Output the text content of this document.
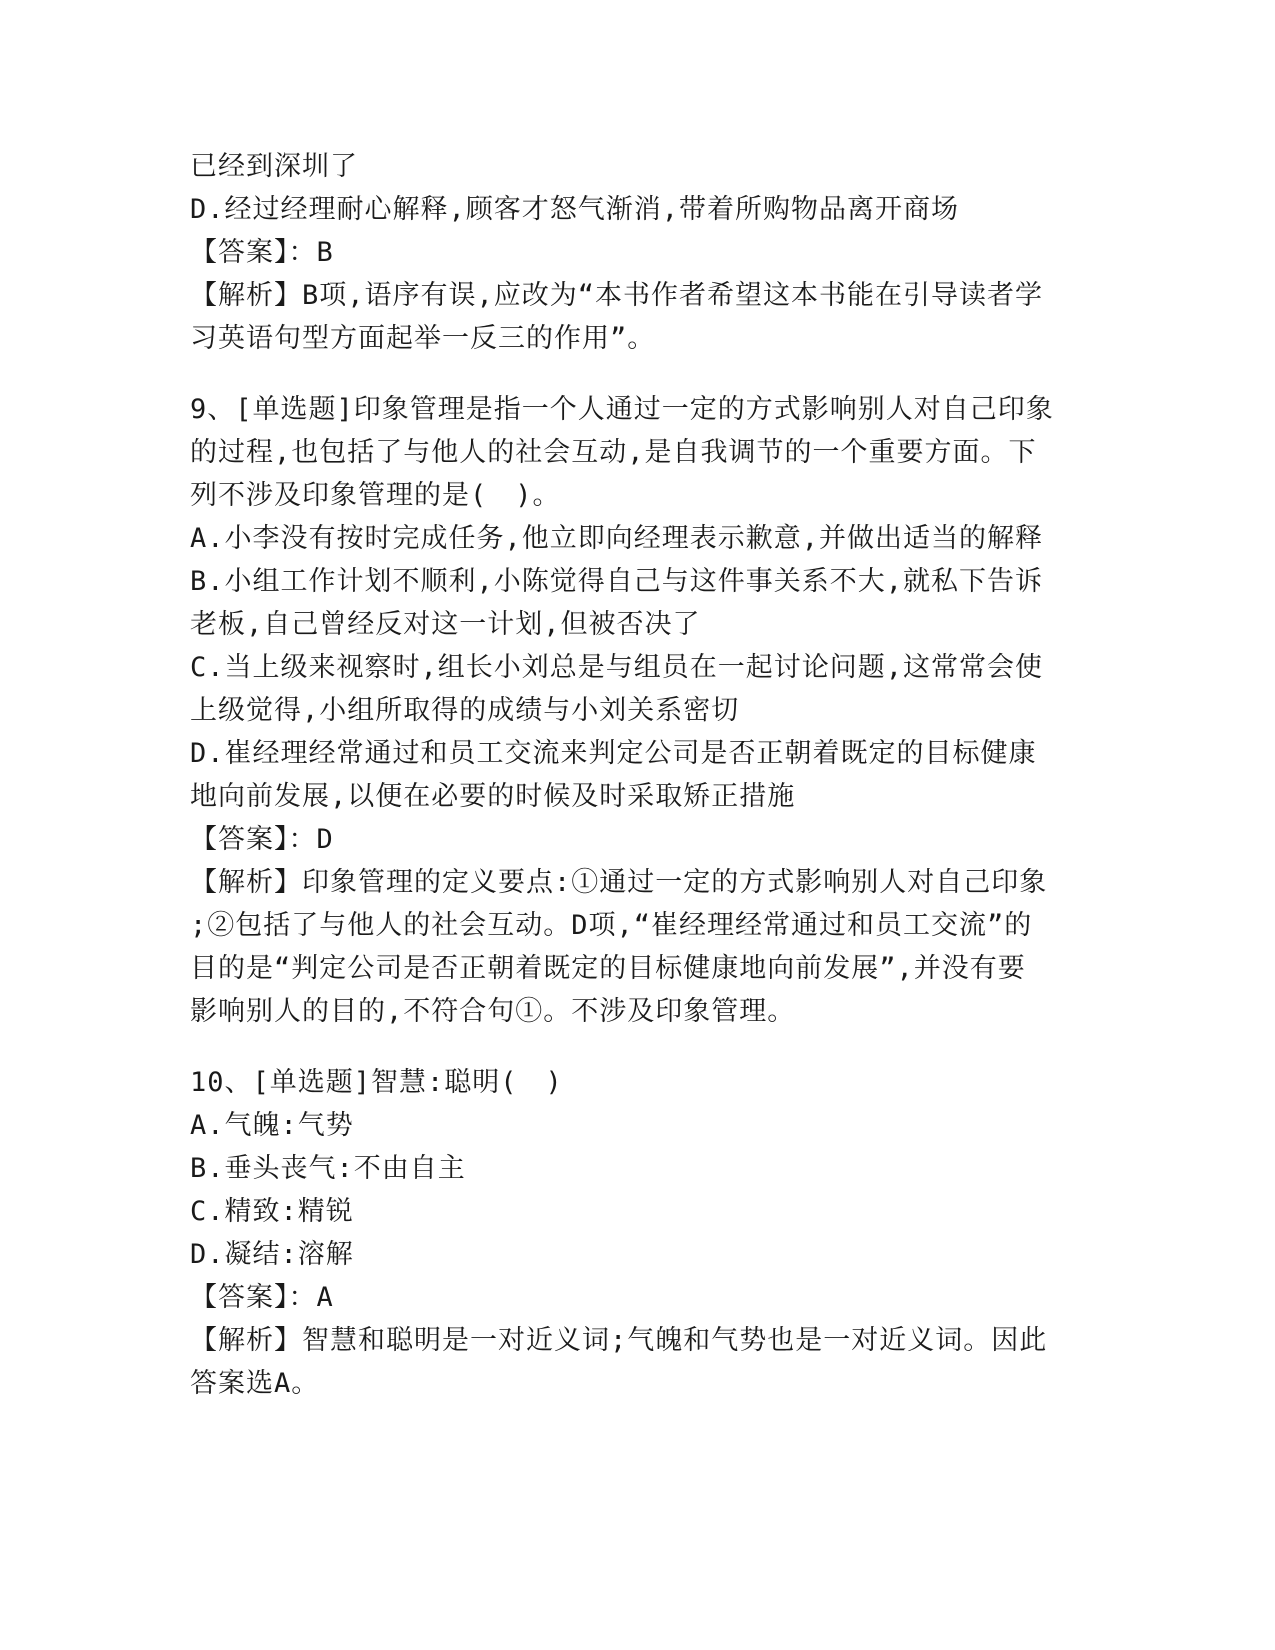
已经到深圳了
D.经过经理耐心解释,顾客才怒气渐消,带着所购物品离开商场
【答案】：B
【解析】B项,语序有误,应改为“本书作者希望这本书能在引导读者学
习英语句型方面起举一反三的作用”。
9、[单选题]印象管理是指一个人通过一定的方式影响别人对自己印象
的过程,也包括了与他人的社会互动,是自我调节的一个重要方面。下
列不涉及印象管理的是(　)。
A.小李没有按时完成任务,他立即向经理表示歉意,并做出适当的解释
B.小组工作计划不顺利,小陈觉得自己与这件事关系不大,就私下告诉
老板,自己曾经反对这一计划,但被否决了
C.当上级来视察时,组长小刘总是与组员在一起讨论问题,这常常会使
上级觉得,小组所取得的成绩与小刘关系密切
D.崔经理经常通过和员工交流来判定公司是否正朝着既定的目标健康
地向前发展,以便在必要的时候及时采取矫正措施
【答案】：D
【解析】印象管理的定义要点:①通过一定的方式影响别人对自己印象
;②包括了与他人的社会互动。D项,“崔经理经常通过和员工交流”的
目的是“判定公司是否正朝着既定的目标健康地向前发展”,并没有要
影响别人的目的,不符合句①。不涉及印象管理。
10、[单选题]智慧:聪明(　)
A.气魄:气势
B.垂头丧气:不由自主
C.精致:精锐
D.凝结:溶解
【答案】：A
【解析】智慧和聪明是一对近义词;气魄和气势也是一对近义词。因此
答案选A。
